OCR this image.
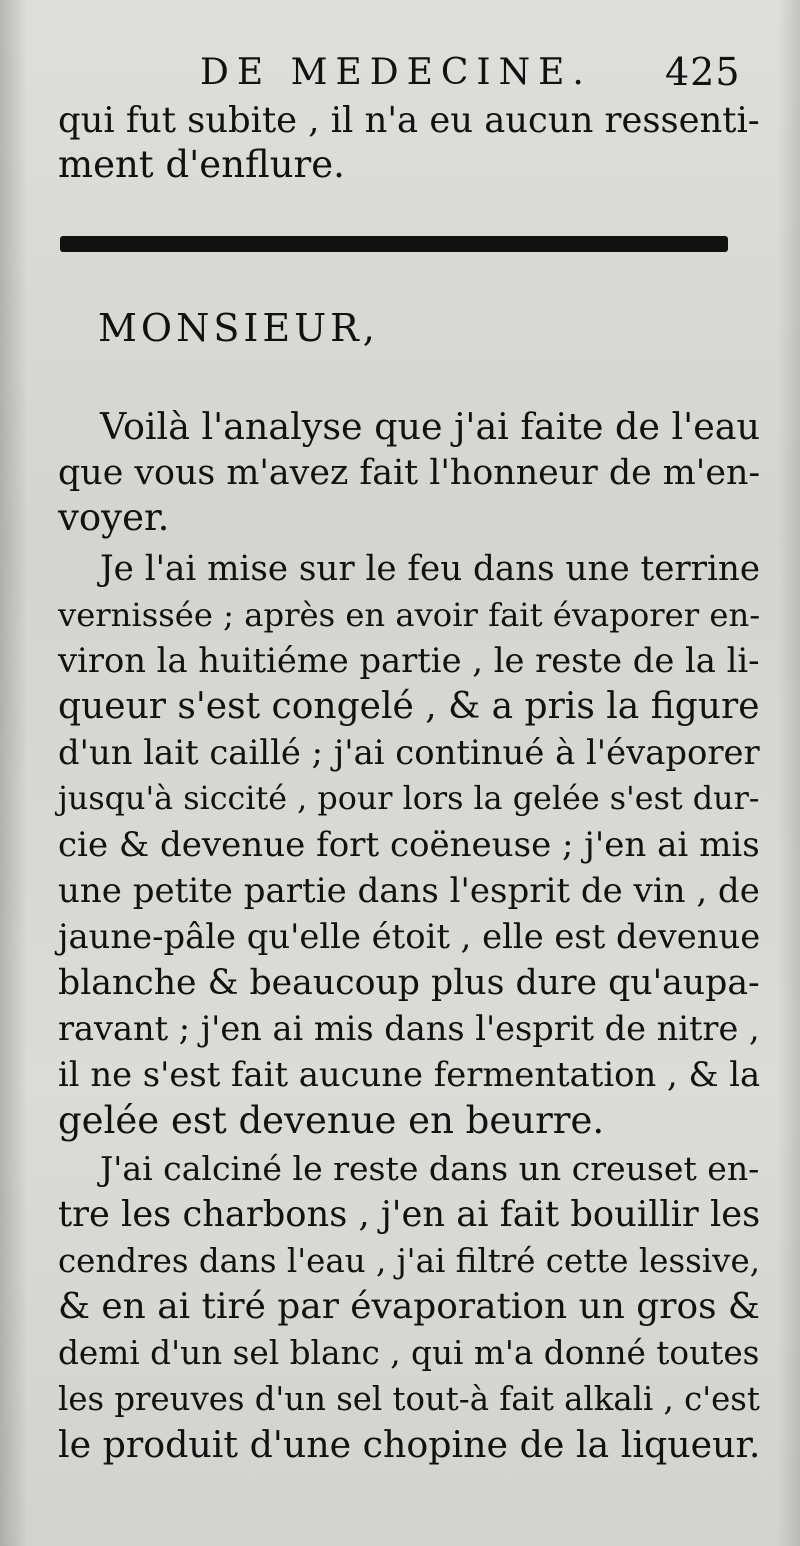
DE MEDECINE. 425
qui fut subite , il n'a eu aucun ressenti-
ment d'enflure.
MONSIEUR,
Voilà l'analyse que j'ai faite de l'eau
que vous m'avez fait l'honneur de m'en-
voyer.
Je l'ai mise sur le feu dans une terrine
vernissée ; après en avoir fait évaporer en-
viron la huitiéme partie , le reste de la li-
queur s'est congelé , & a pris la figure
d'un lait caillé ; j'ai continué à l'évaporer
jusqu'à siccité , pour lors la gelée s'est dur-
cie & devenue fort coëneuse ; j'en ai mis
une petite partie dans l'esprit de vin , de
jaune-pâle qu'elle étoit , elle est devenue
blanche & beaucoup plus dure qu'aupa-
ravant ; j'en ai mis dans l'esprit de nitre ,
il ne s'est fait aucune fermentation , & la
gelée est devenue en beurre.
J'ai calciné le reste dans un creuset en-
tre les charbons , j'en ai fait bouillir les
cendres dans l'eau , j'ai filtré cette lessive,
& en ai tiré par évaporation un gros &
demi d'un sel blanc , qui m'a donné toutes
les preuves d'un sel tout-à fait alkali , c'est
le produit d'une chopine de la liqueur.
